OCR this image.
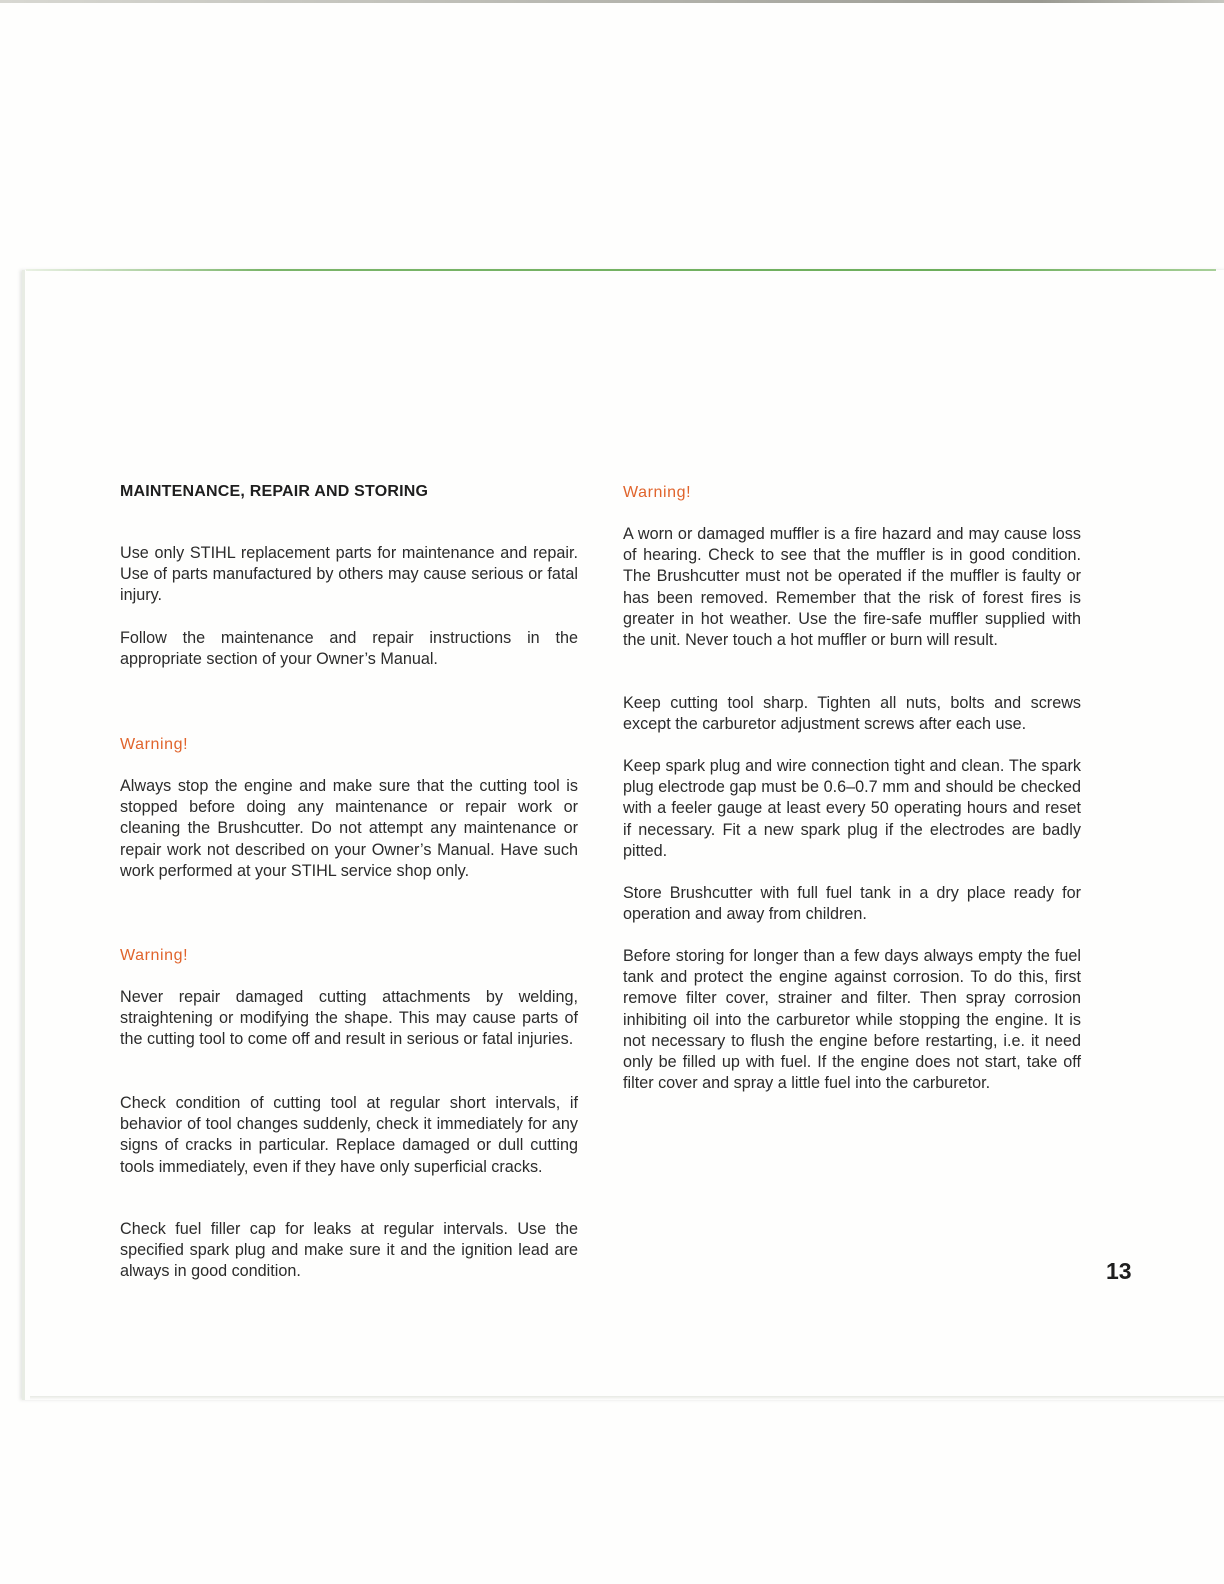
MAINTENANCE, REPAIR AND STORING

Use only STIHL replacement parts for maintenance and repair. Use of parts manufactured by others may cause serious or fatal injury.

Follow the maintenance and repair instructions in the appropriate section of your Owner’s Manual.

Warning!

Always stop the engine and make sure that the cutting tool is stopped before doing any maintenance or repair work or cleaning the Brushcutter. Do not attempt any maintenance or repair work not described on your Owner’s Manual. Have such work performed at your STIHL service shop only.

Warning!

Never repair damaged cutting attachments by welding, straightening or modifying the shape. This may cause parts of the cutting tool to come off and result in serious or fatal injuries.

Check condition of cutting tool at regular short intervals, if behavior of tool changes suddenly, check it immediately for any signs of cracks in particular. Replace damaged or dull cutting tools immediately, even if they have only superficial cracks.

Check fuel filler cap for leaks at regular intervals. Use the specified spark plug and make sure it and the ignition lead are always in good condition.

Warning!

A worn or damaged muffler is a fire hazard and may cause loss of hearing. Check to see that the muffler is in good condition. The Brushcutter must not be operated if the muffler is faulty or has been removed. Remember that the risk of forest fires is greater in hot weather. Use the fire-safe muffler supplied with the unit. Never touch a hot muffler or burn will result.

Keep cutting tool sharp. Tighten all nuts, bolts and screws except the carburetor adjustment screws after each use.

Keep spark plug and wire connection tight and clean. The spark plug electrode gap must be 0.6–0.7 mm and should be checked with a feeler gauge at least every 50 operating hours and reset if necessary. Fit a new spark plug if the electrodes are badly pitted.

Store Brushcutter with full fuel tank in a dry place ready for operation and away from children.

Before storing for longer than a few days always empty the fuel tank and protect the engine against corrosion. To do this, first remove filter cover, strainer and filter. Then spray corrosion inhibiting oil into the carburetor while stopping the engine. It is not necessary to flush the engine before restarting, i.e. it need only be filled up with fuel. If the engine does not start, take off filter cover and spray a little fuel into the carburetor.

13
